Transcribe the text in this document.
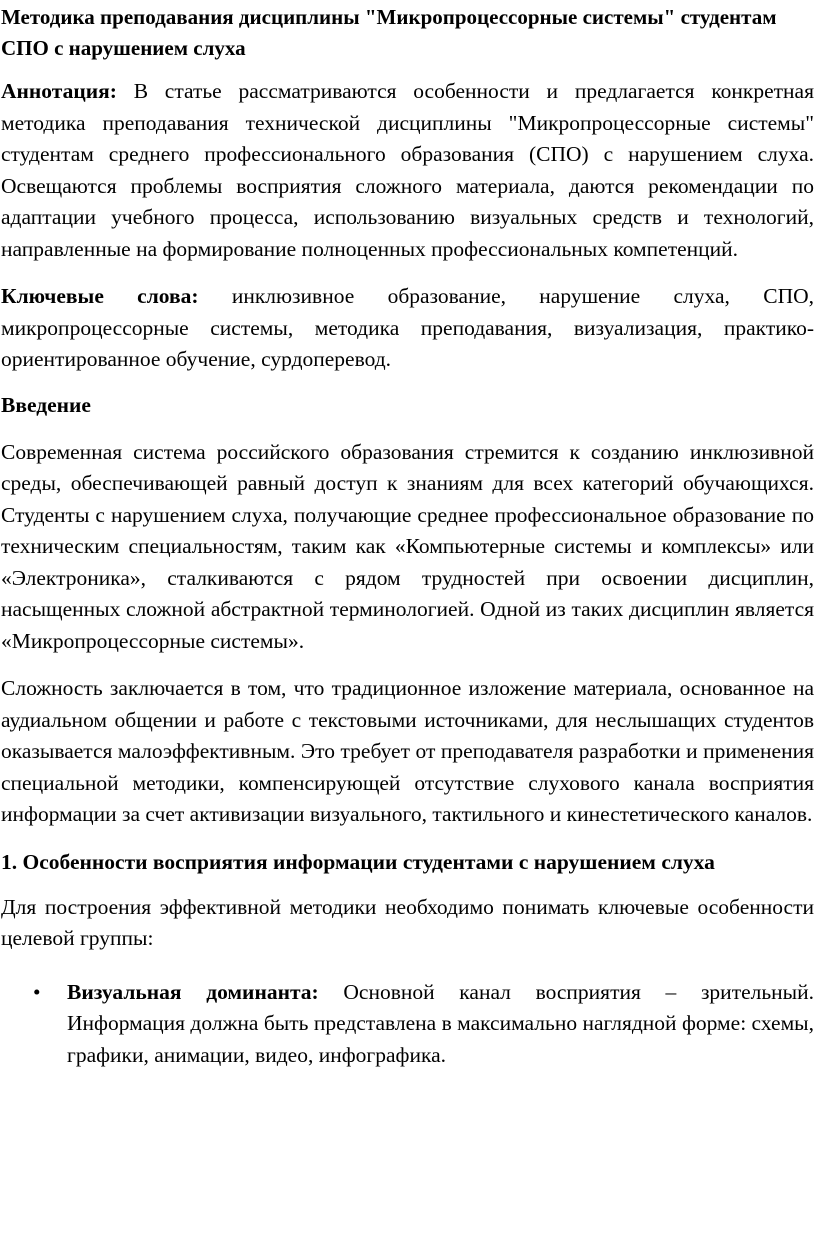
Методика преподавания дисциплины "Микропроцессорные системы" студентам СПО с нарушением слуха

Аннотация: В статье рассматриваются особенности и предлагается конкретная методика преподавания технической дисциплины "Микропроцессорные системы" студентам среднего профессионального образования (СПО) с нарушением слуха. Освещаются проблемы восприятия сложного материала, даются рекомендации по адаптации учебного процесса, использованию визуальных средств и технологий, направленные на формирование полноценных профессиональных компетенций.

Ключевые слова: инклюзивное образование, нарушение слуха, СПО, микропроцессорные системы, методика преподавания, визуализация, практико-ориентированное обучение, сурдоперевод.

Введение

Современная система российского образования стремится к созданию инклюзивной среды, обеспечивающей равный доступ к знаниям для всех категорий обучающихся. Студенты с нарушением слуха, получающие среднее профессиональное образование по техническим специальностям, таким как «Компьютерные системы и комплексы» или «Электроника», сталкиваются с рядом трудностей при освоении дисциплин, насыщенных сложной абстрактной терминологией. Одной из таких дисциплин является «Микропроцессорные системы».

Сложность заключается в том, что традиционное изложение материала, основанное на аудиальном общении и работе с текстовыми источниками, для неслышащих студентов оказывается малоэффективным. Это требует от преподавателя разработки и применения специальной методики, компенсирующей отсутствие слухового канала восприятия информации за счет активизации визуального, тактильного и кинестетического каналов.

1. Особенности восприятия информации студентами с нарушением слуха

Для построения эффективной методики необходимо понимать ключевые особенности целевой группы:

• Визуальная доминанта: Основной канал восприятия – зрительный. Информация должна быть представлена в максимально наглядной форме: схемы, графики, анимации, видео, инфографика.
